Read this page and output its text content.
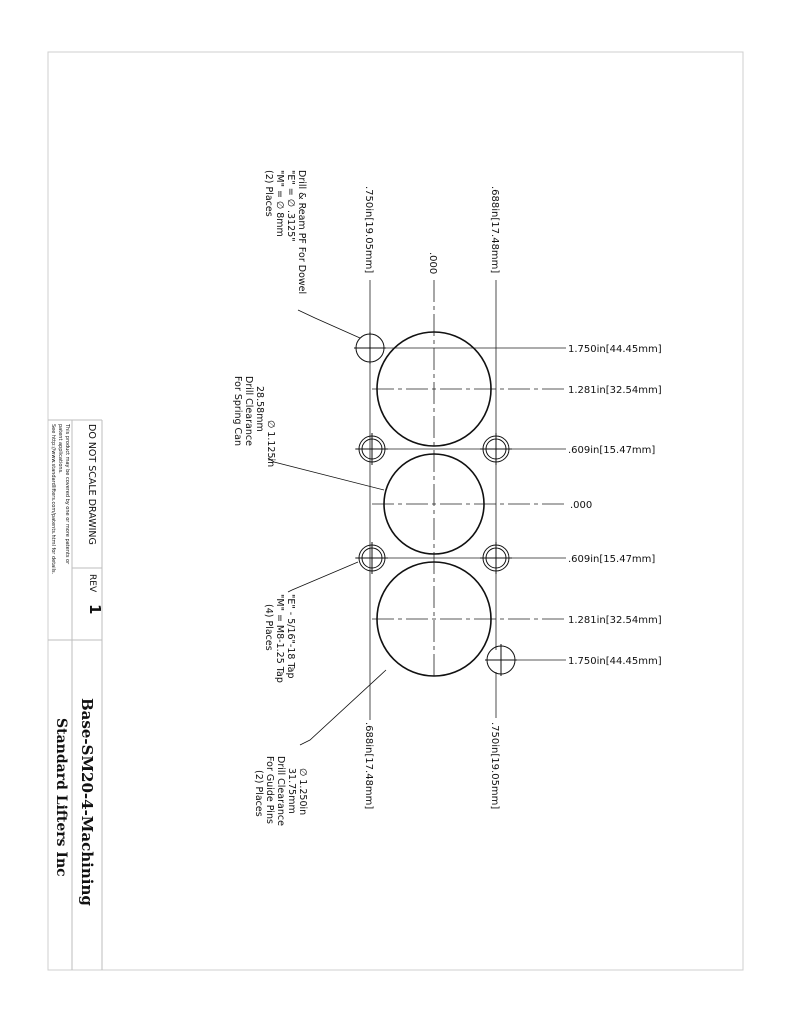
DO NOT SCALE DRAWING
REV
1
This product may be covered by one or more patents or
patent applications.
See http://www.standardlifters.com/patents.html for details.
Base-SM20-4-Machining
Standard Lifters Inc
1.750in[44.45mm]
1.281in[32.54mm]
.609in[15.47mm]
.000
.609in[15.47mm]
1.281in[32.54mm]
1.750in[44.45mm]
.750in[19.05mm]	.000
.688in[17.48mm]
.688in[17.48mm]
.750in[19.05mm]
Drill & Ream PF For Dowel
"E" = ∅ .3125"
"M" = ∅ 8mm
(2) Places
∅ 1.125in
28.58mm
Drill Clearance
For Spring Can
"E" - 5/16"-18 Tap
"M" = M8-1.25 Tap
(4) Places
∅ 1.250in
31.75mm
Drill Clearance
For Guide Pins
(2) Places
